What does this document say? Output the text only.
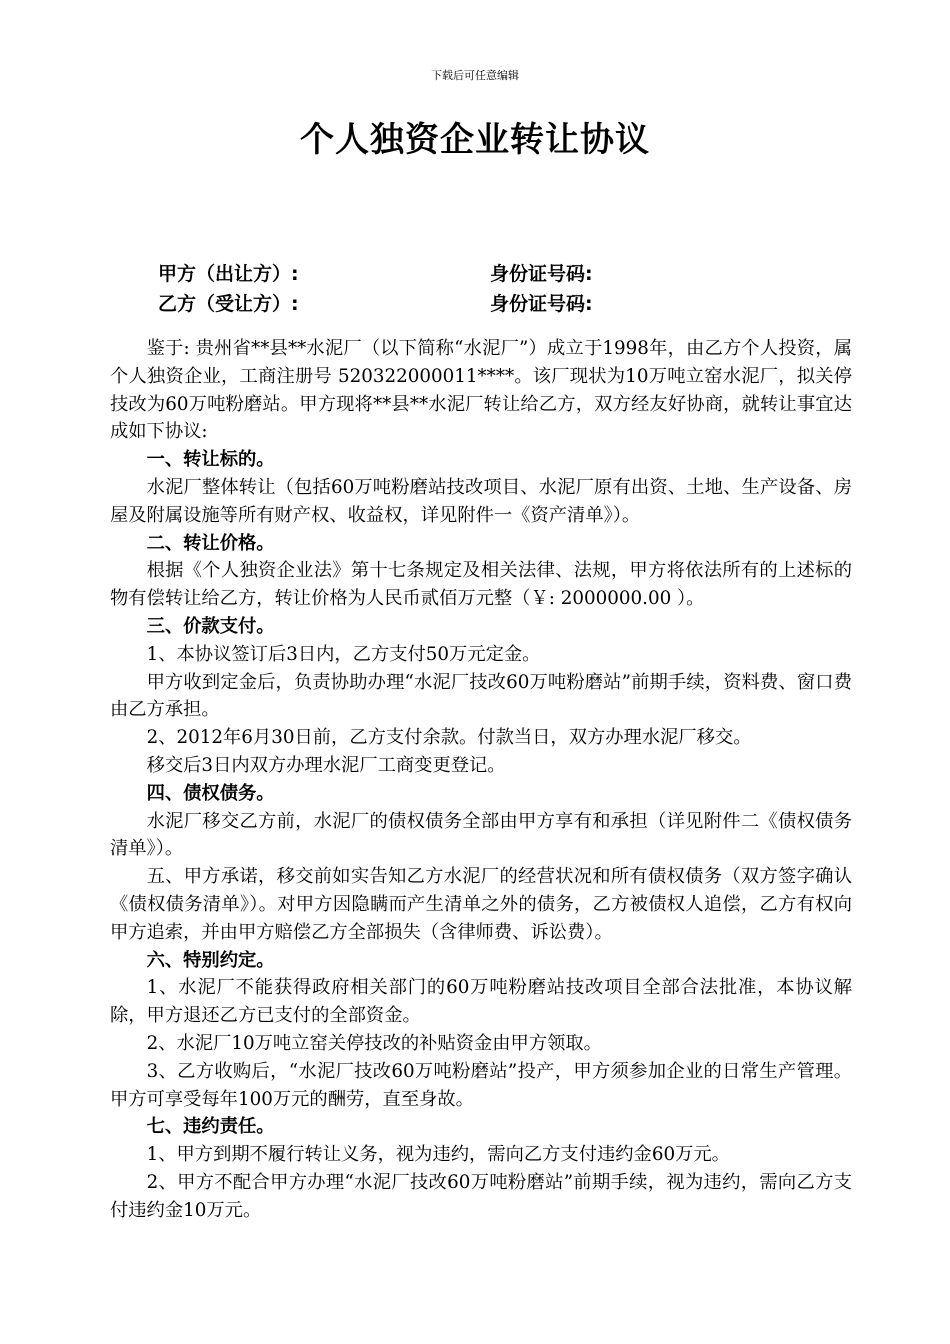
下载后可任意编辑
个人独资企业转让协议
甲方（出让方）:	身份证号码:
乙方（受让方）:	身份证号码:

鉴于: 贵州省**县**水泥厂（以下简称“水泥厂”）成立于1998年，由乙方个人投资，属个人独资企业，工商注册号 520322000011****。该厂现状为10万吨立窑水泥厂，拟关停技改为60万吨粉磨站。甲方现将**县**水泥厂转让给乙方，双方经友好协商，就转让事宜达成如下协议:

一、转让标的。

水泥厂整体转让（包括60万吨粉磨站技改项目、水泥厂原有出资、土地、生产设备、房屋及附属设施等所有财产权、收益权，详见附件一《资产清单》）。

二、转让价格。

根据《个人独资企业法》第十七条规定及相关法律、法规，甲方将依法所有的上述标的物有偿转让给乙方，转让价格为人民币贰佰万元整（￥: 2000000.00 ）。

三、价款支付。

1、本协议签订后3日内，乙方支付50万元定金。

甲方收到定金后，负责协助办理“水泥厂技改60万吨粉磨站”前期手续，资料费、窗口费由乙方承担。

2、2012年6月30日前，乙方支付余款。付款当日，双方办理水泥厂移交。

移交后3日内双方办理水泥厂工商变更登记。

四、债权债务。

水泥厂移交乙方前，水泥厂的债权债务全部由甲方享有和承担（详见附件二《债权债务清单》）。

五、甲方承诺，移交前如实告知乙方水泥厂的经营状况和所有债权债务（双方签字确认《债权债务清单》）。对甲方因隐瞒而产生清单之外的债务，乙方被债权人追偿，乙方有权向甲方追索，并由甲方赔偿乙方全部损失（含律师费、诉讼费）。

六、特别约定。

1、水泥厂不能获得政府相关部门的60万吨粉磨站技改项目全部合法批准，本协议解除，甲方退还乙方已支付的全部资金。

2、水泥厂10万吨立窑关停技改的补贴资金由甲方领取。

3、乙方收购后，“水泥厂技改60万吨粉磨站”投产，甲方须参加企业的日常生产管理。甲方可享受每年100万元的酬劳，直至身故。

七、违约责任。

1、甲方到期不履行转让义务，视为违约，需向乙方支付违约金60万元。

2、甲方不配合甲方办理“水泥厂技改60万吨粉磨站”前期手续，视为违约，需向乙方支付违约金10万元。
